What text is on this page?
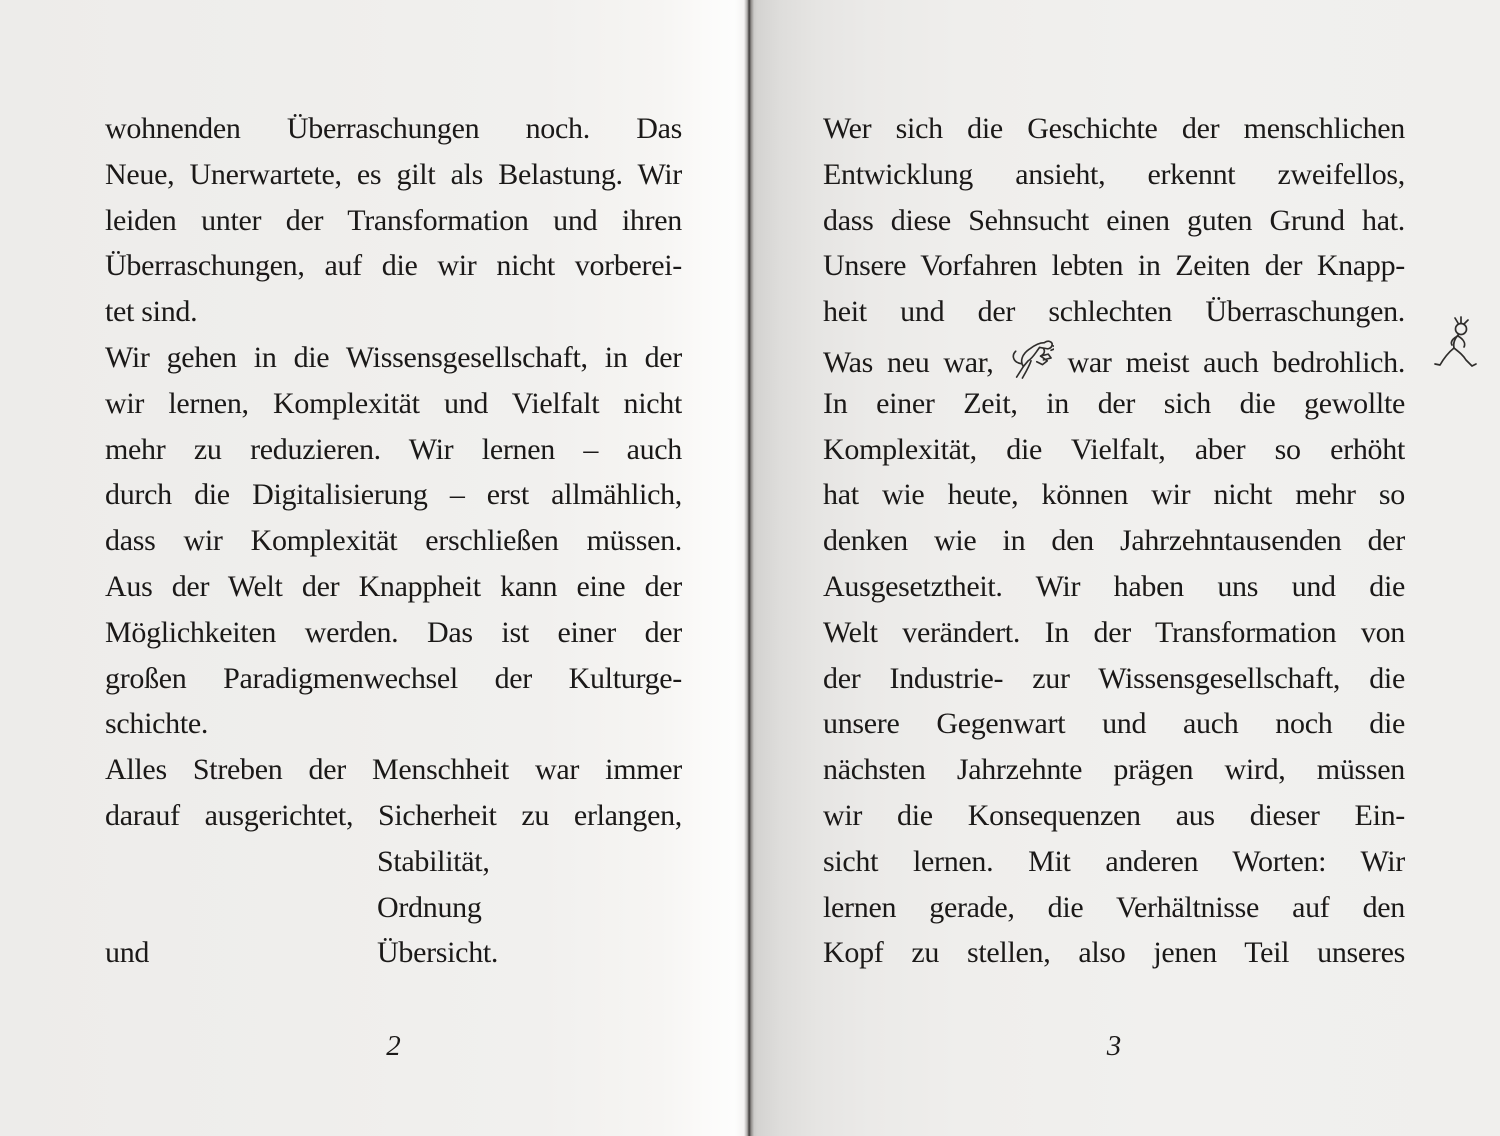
wohnenden Überraschungen noch. Das
Neue, Unerwartete, es gilt als Belastung. Wir
leiden unter der Transformation und ihren
Überraschungen, auf die wir nicht vorberei-
tet sind.
Wir gehen in die Wissensgesellschaft, in der
wir lernen, Komplexität und Vielfalt nicht
mehr zu reduzieren. Wir lernen – auch
durch die Digitalisierung – erst allmählich,
dass wir Komplexität erschließen müssen.
Aus der Welt der Knappheit kann eine der
Möglichkeiten werden. Das ist einer der
großen Paradigmenwechsel der Kulturge-
schichte.
Alles Streben der Menschheit war immer
darauf ausgerichtet, Sicherheit zu erlangen,
Stabilität,
Ordnung
und	Übersicht.
2
Wer sich die Geschichte der menschlichen
Entwicklung ansieht, erkennt zweifellos,
dass diese Sehnsucht einen guten Grund hat.
Unsere Vorfahren lebten in Zeiten der Knapp-
heit und der schlechten Überraschungen.
Was neu war, war meist auch bedrohlich.
In einer Zeit, in der sich die gewollte
Komplexität, die Vielfalt, aber so erhöht
hat wie heute, können wir nicht mehr so
denken wie in den Jahrzehntausenden der
Ausgesetztheit. Wir haben uns und die
Welt verändert. In der Transformation von
der Industrie- zur Wissensgesellschaft, die
unsere Gegenwart und auch noch die
nächsten Jahrzehnte prägen wird, müssen
wir die Konsequenzen aus dieser Ein-
sicht lernen. Mit anderen Worten: Wir
lernen gerade, die Verhältnisse auf den
Kopf zu stellen, also jenen Teil unseres
3
